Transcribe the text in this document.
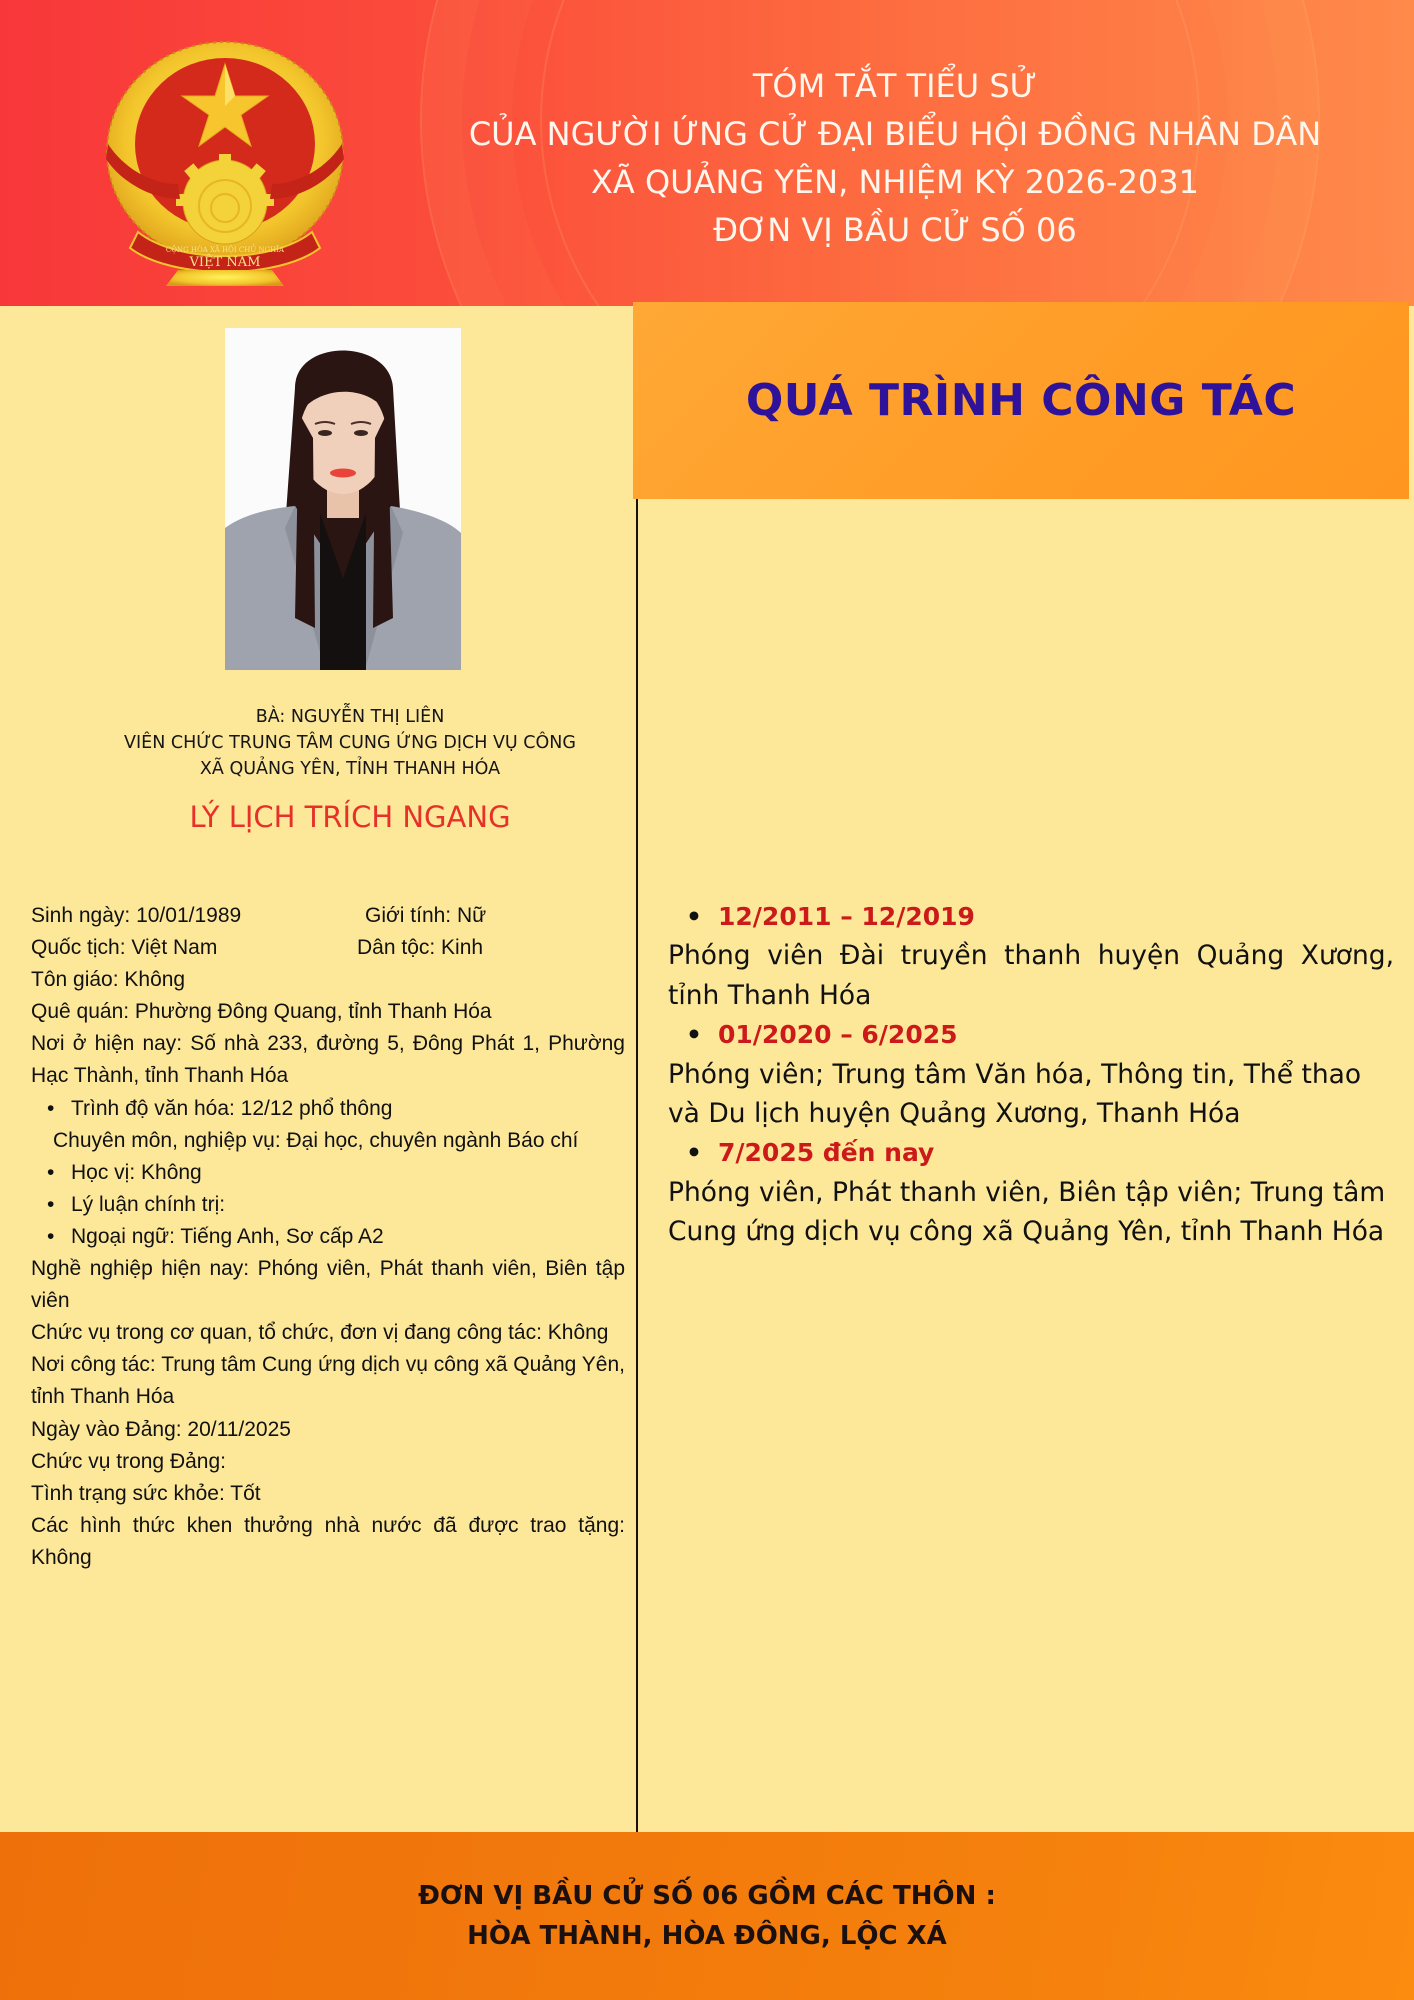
CỘNG HÒA XÃ HỘI CHỦ NGHĨA
VIỆT NAM
TÓM TẮT TIỂU SỬ
CỦA NGƯỜI ỨNG CỬ ĐẠI BIỂU HỘI ĐỒNG NHÂN DÂN
XÃ QUẢNG YÊN, NHIỆM KỲ 2026-2031
ĐƠN VỊ BẦU CỬ SỐ 06
QUÁ TRÌNH CÔNG TÁC
BÀ: NGUYỄN THỊ LIÊN
VIÊN CHỨC TRUNG TÂM CUNG ỨNG DỊCH VỤ CÔNG
XÃ QUẢNG YÊN, TỈNH THANH HÓA
LÝ LỊCH TRÍCH NGANG
Sinh ngày: 10/01/1989	Giới tính: Nữ
Quốc tịch: Việt Nam	Dân tộc: Kinh
Tôn giáo: Không
Quê quán: Phường Đông Quang, tỉnh Thanh Hóa
Nơi ở hiện nay: Số nhà 233, đường 5, Đông Phát 1, Phường Hạc Thành, tỉnh Thanh Hóa
• Trình độ văn hóa: 12/12 phổ thông
Chuyên môn, nghiệp vụ: Đại học, chuyên ngành Báo chí
• Học vị: Không
• Lý luận chính trị:
• Ngoại ngữ: Tiếng Anh, Sơ cấp A2
Nghề nghiệp hiện nay: Phóng viên, Phát thanh viên, Biên tập viên
Chức vụ trong cơ quan, tổ chức, đơn vị đang công tác: Không
Nơi công tác: Trung tâm Cung ứng dịch vụ công xã Quảng Yên, tỉnh Thanh Hóa
Ngày vào Đảng: 20/11/2025
Chức vụ trong Đảng:
Tình trạng sức khỏe: Tốt
Các hình thức khen thưởng nhà nước đã được trao tặng: Không
• 12/2011 – 12/2019
Phóng viên Đài truyền thanh huyện Quảng Xương, tỉnh Thanh Hóa
• 01/2020 – 6/2025
Phóng viên; Trung tâm Văn hóa, Thông tin, Thể thao và Du lịch huyện Quảng Xương, Thanh Hóa
• 7/2025 đến nay
Phóng viên, Phát thanh viên, Biên tập viên; Trung tâm Cung ứng dịch vụ công xã Quảng Yên, tỉnh Thanh Hóa

ĐƠN VỊ BẦU CỬ SỐ 06 GỒM CÁC THÔN :

HÒA THÀNH, HÒA ĐÔNG, LỘC XÁ
